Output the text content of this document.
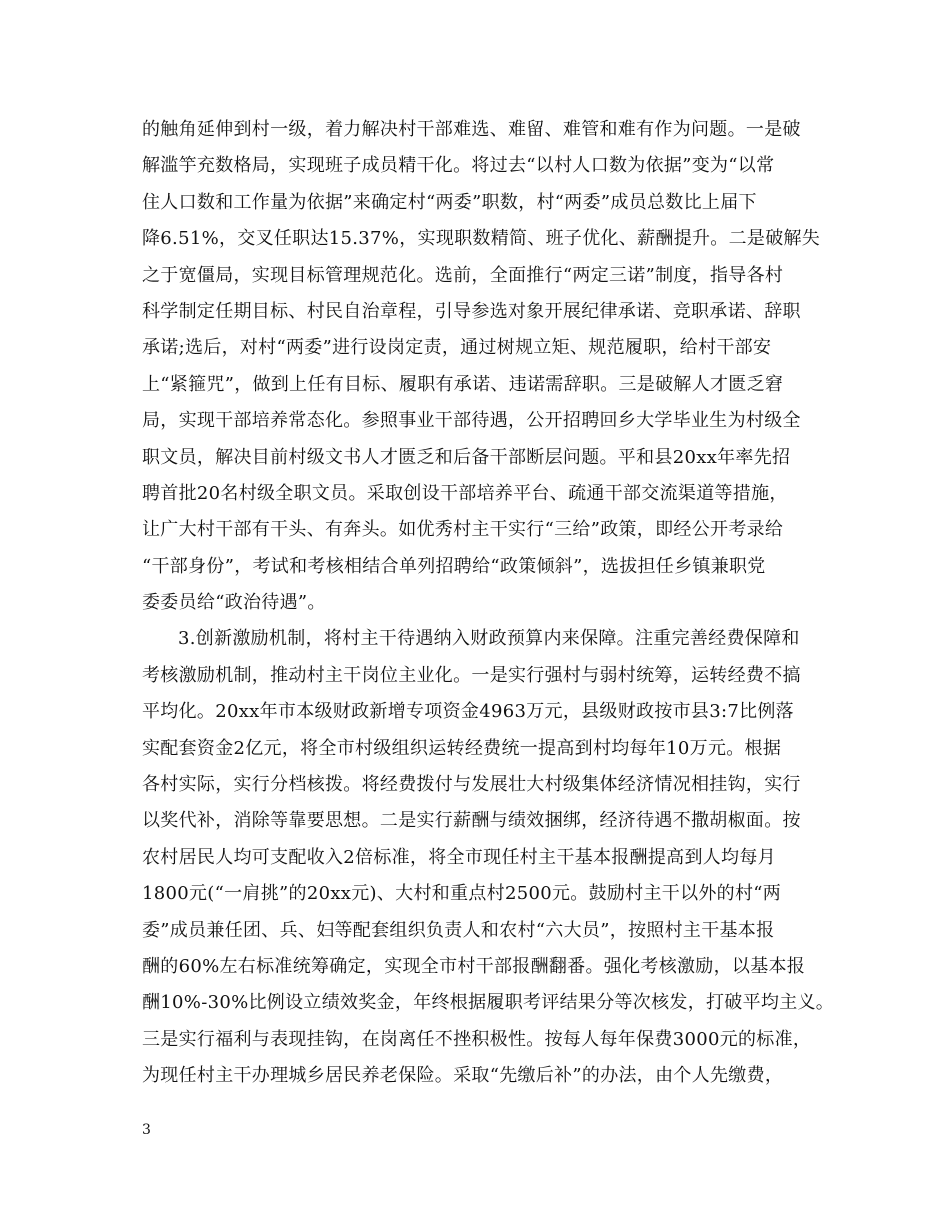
的触角延伸到村一级，着力解决村干部难选、难留、难管和难有作为问题。一是破
解滥竽充数格局，实现班子成员精干化。将过去“以村人口数为依据”变为“以常
住人口数和工作量为依据”来确定村“两委”职数，村“两委”成员总数比上届下
降6.51%，交叉任职达15.37%，实现职数精简、班子优化、薪酬提升。二是破解失
之于宽僵局，实现目标管理规范化。选前，全面推行“两定三诺”制度，指导各村
科学制定任期目标、村民自治章程，引导参选对象开展纪律承诺、竞职承诺、辞职
承诺;选后，对村“两委”进行设岗定责，通过树规立矩、规范履职，给村干部安
上“紧箍咒”，做到上任有目标、履职有承诺、违诺需辞职。三是破解人才匮乏窘
局，实现干部培养常态化。参照事业干部待遇，公开招聘回乡大学毕业生为村级全
职文员，解决目前村级文书人才匮乏和后备干部断层问题。平和县20xx年率先招
聘首批20名村级全职文员。采取创设干部培养平台、疏通干部交流渠道等措施，
让广大村干部有干头、有奔头。如优秀村主干实行“三给”政策，即经公开考录给
“干部身份”，考试和考核相结合单列招聘给“政策倾斜”，选拔担任乡镇兼职党
委委员给“政治待遇”。
3.创新激励机制，将村主干待遇纳入财政预算内来保障。注重完善经费保障和
考核激励机制，推动村主干岗位主业化。一是实行强村与弱村统筹，运转经费不搞
平均化。20xx年市本级财政新增专项资金4963万元，县级财政按市县3:7比例落
实配套资金2亿元，将全市村级组织运转经费统一提高到村均每年10万元。根据
各村实际，实行分档核拨。将经费拨付与发展壮大村级集体经济情况相挂钩，实行
以奖代补，消除等靠要思想。二是实行薪酬与绩效捆绑，经济待遇不撒胡椒面。按
农村居民人均可支配收入2倍标准，将全市现任村主干基本报酬提高到人均每月
1800元(“一肩挑”的20xx元)、大村和重点村2500元。鼓励村主干以外的村“两
委”成员兼任团、兵、妇等配套组织负责人和农村“六大员”，按照村主干基本报
酬的60%左右标准统筹确定，实现全市村干部报酬翻番。强化考核激励，以基本报
酬10%-30%比例设立绩效奖金，年终根据履职考评结果分等次核发，打破平均主义。
三是实行福利与表现挂钩，在岗离任不挫积极性。按每人每年保费3000元的标准，
为现任村主干办理城乡居民养老保险。采取“先缴后补”的办法，由个人先缴费，
3
